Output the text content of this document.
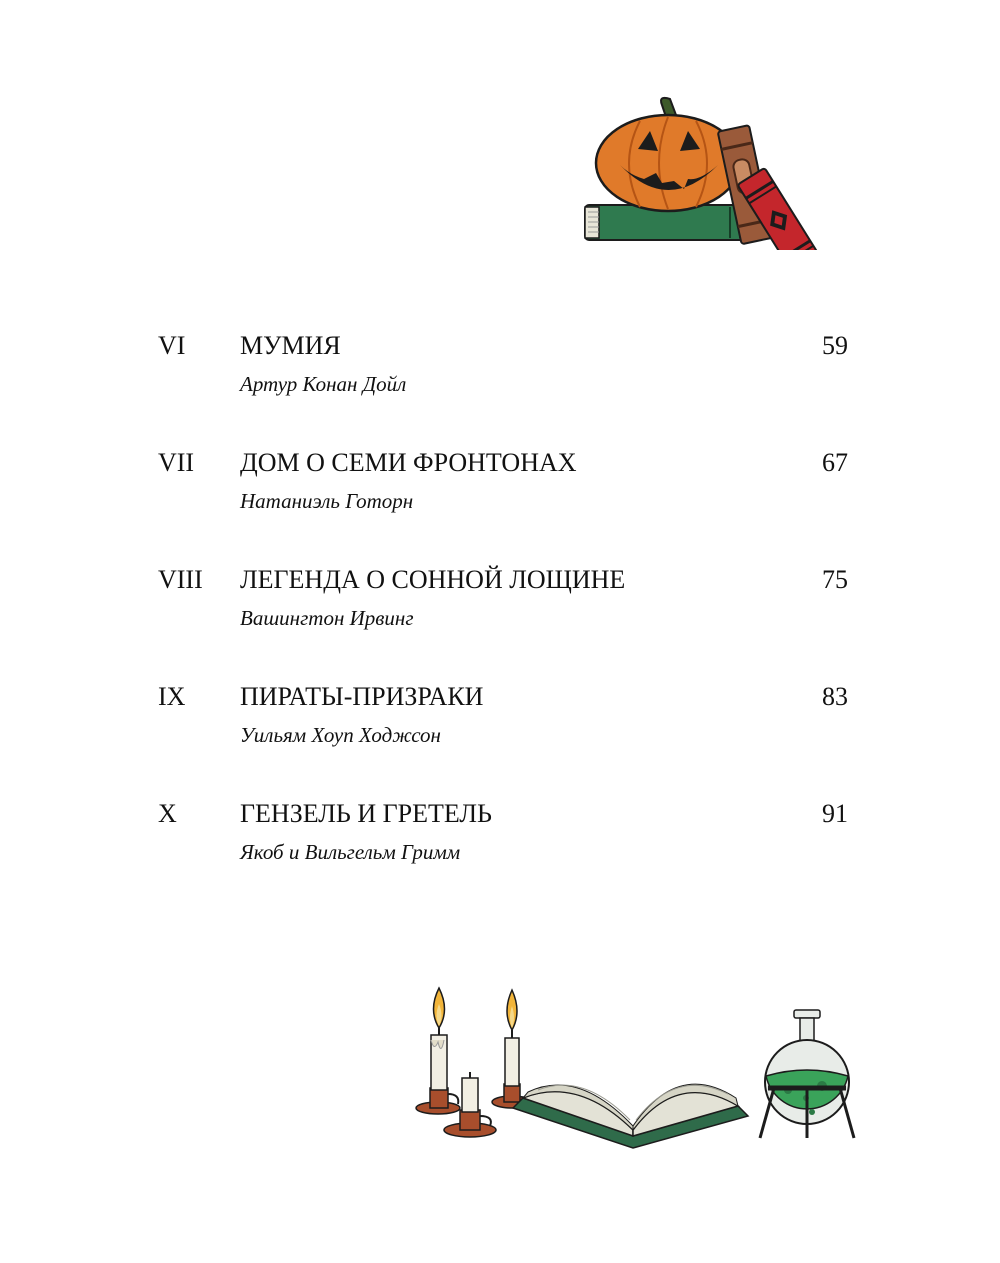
VI МУМИЯ	59
Артур Конан Дойл
VII ДОМ О СЕМИ ФРОНТОНАХ	67
Натаниэль Готорн
VIII ЛЕГЕНДА О СОННОЙ ЛОЩИНЕ	75
Вашингтон Ирвинг
IX ПИРАТЫ-ПРИЗРАКИ	83
Уильям Хоуп Ходжсон
X ГЕНЗЕЛЬ И ГРЕТЕЛЬ	91
Якоб и Вильгельм Гримм
